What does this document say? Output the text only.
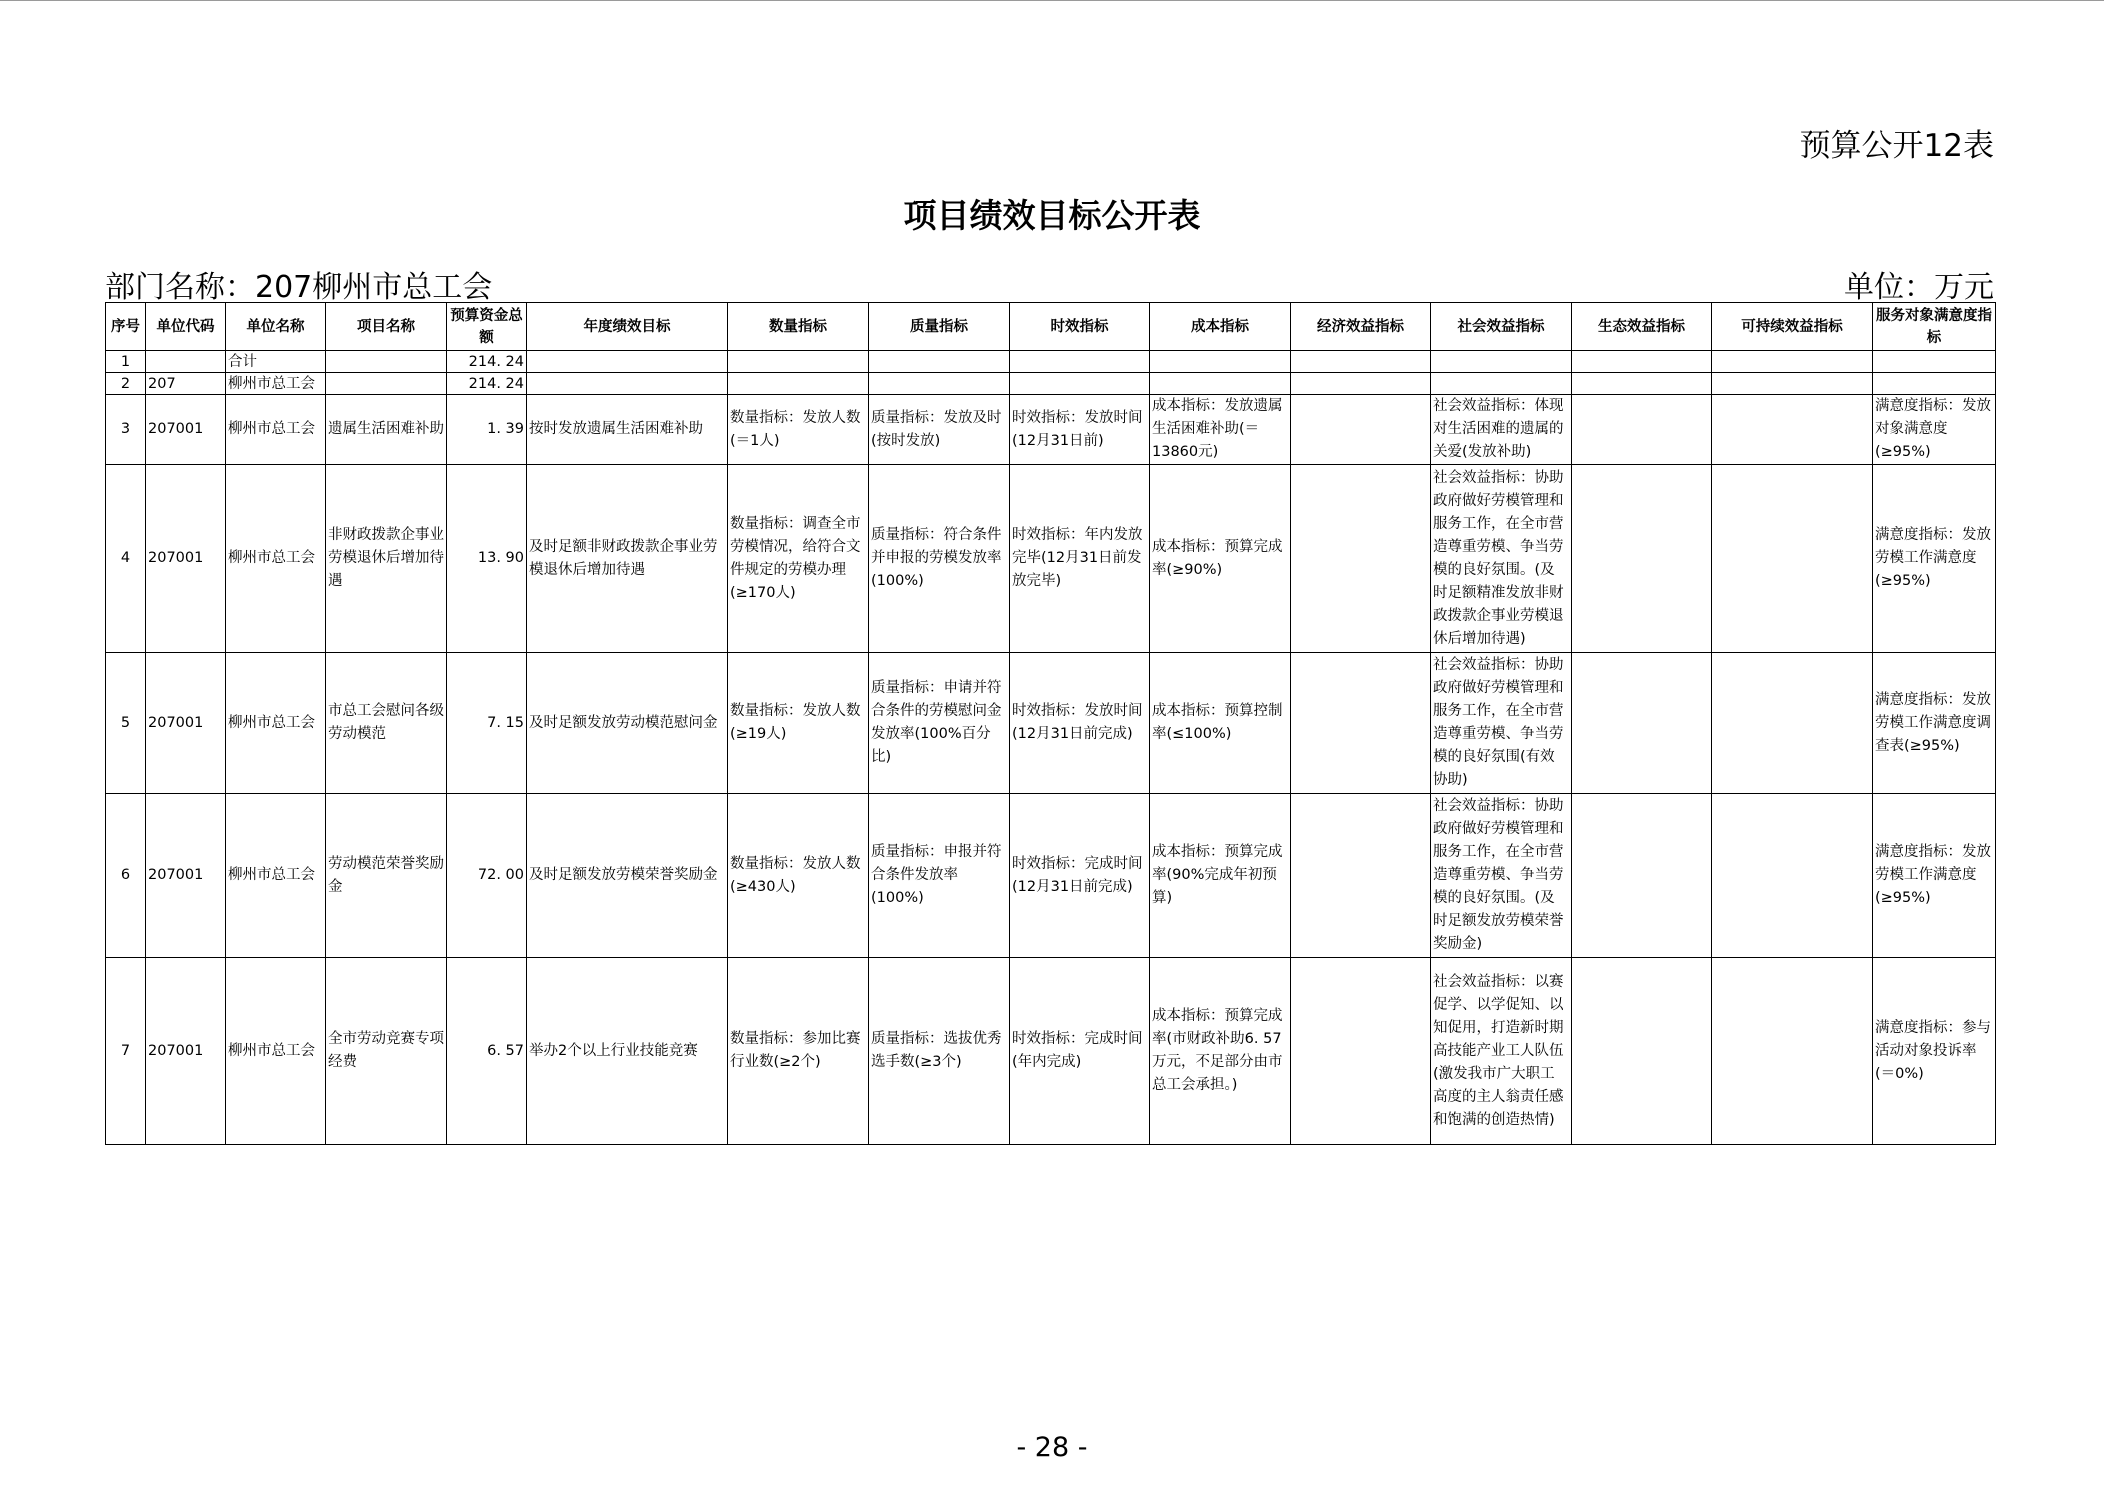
预算公开12表
项目绩效目标公开表
部门名称：207柳州市总工会	单位：万元
序号	单位代码	单位名称	项目名称	预算资金总额	年度绩效目标	数量指标	质量指标	时效指标	成本指标	经济效益指标	社会效益指标	生态效益指标	可持续效益指标	服务对象满意度指标
1		合计		214. 24										
2	207	柳州市总工会		214. 24										
3	207001	柳州市总工会	遗属生活困难补助	1. 39	按时发放遗属生活困难补助	数量指标：发放人数(＝1人)	质量指标：发放及时(按时发放)	时效指标：发放时间(12月31日前)	成本指标：发放遗属生活困难补助(＝13860元)		社会效益指标：体现对生活困难的遗属的关爱(发放补助)			满意度指标：发放对象满意度(≥95%)
4	207001	柳州市总工会	非财政拨款企事业劳模退休后增加待遇	13. 90	及时足额非财政拨款企事业劳模退休后增加待遇	数量指标：调查全市劳模情况，给符合文件规定的劳模办理(≥170人)	质量指标：符合条件并申报的劳模发放率(100%)	时效指标：年内发放完毕(12月31日前发放完毕)	成本指标：预算完成率(≥90%)		社会效益指标：协助政府做好劳模管理和服务工作，在全市营造尊重劳模、争当劳模的良好氛围。(及时足额精准发放非财政拨款企事业劳模退休后增加待遇)			满意度指标：发放劳模工作满意度(≥95%)
5	207001	柳州市总工会	市总工会慰问各级劳动模范	7. 15	及时足额发放劳动模范慰问金	数量指标：发放人数(≥19人)	质量指标：申请并符合条件的劳模慰问金发放率(100%百分比)	时效指标：发放时间(12月31日前完成)	成本指标：预算控制率(≤100%)		社会效益指标：协助政府做好劳模管理和服务工作，在全市营造尊重劳模、争当劳模的良好氛围(有效协助)			满意度指标：发放劳模工作满意度调查表(≥95%)
6	207001	柳州市总工会	劳动模范荣誉奖励金	72. 00	及时足额发放劳模荣誉奖励金	数量指标：发放人数(≥430人)	质量指标：申报并符合条件发放率(100%)	时效指标：完成时间(12月31日前完成)	成本指标：预算完成率(90%完成年初预算)		社会效益指标：协助政府做好劳模管理和服务工作，在全市营造尊重劳模、争当劳模的良好氛围。(及时足额发放劳模荣誉奖励金)			满意度指标：发放劳模工作满意度(≥95%)
7	207001	柳州市总工会	全市劳动竞赛专项经费	6. 57	举办2个以上行业技能竞赛	数量指标：参加比赛行业数(≥2个)	质量指标：选拔优秀选手数(≥3个)	时效指标：完成时间(年内完成)	成本指标：预算完成率(市财政补助6. 57万元，不足部分由市总工会承担。)		社会效益指标：以赛促学、以学促知、以知促用，打造新时期高技能产业工人队伍(激发我市广大职工高度的主人翁责任感和饱满的创造热情)			满意度指标：参与活动对象投诉率(＝0%)
- 28 -
